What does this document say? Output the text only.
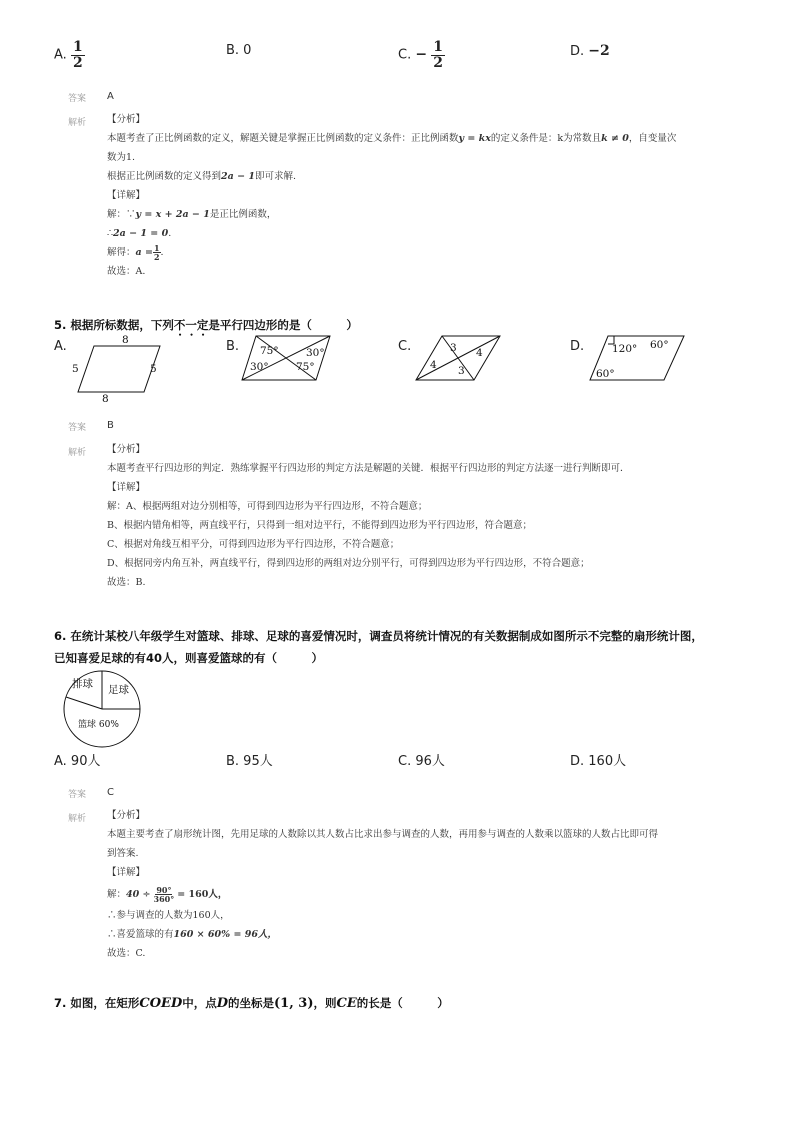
A. $\frac{1}{2}$	B. 0	C. − $\frac{1}{2}$	D. −2
答案 A
解析 【分析】
本题考查了正比例函数的定义，解题关键是掌握正比例函数的定义条件：正比例函数y = kx的定义条件是：k为常数且k ≠ 0，自变量次
数为1.
根据正比例函数的定义得到2a − 1即可求解.
【详解】
解：∵y = x + 2a − 1是正比例函数，
∴2a − 1 = 0.
解得：$a = \frac{1}{2}$ .
故选：A.
5. 根据所标数据，下列不一定是平行四边形的是（　　　）
A.	8
5	5
8
B. 75°	30°
30°	75°
C.	3 4
4 3
D.	120° 60°
60°
答案 B
解析 【分析】
本题考查平行四边形的判定．熟练掌握平行四边形的判定方法是解题的关键．根据平行四边形的判定方法逐一进行判断即可．
【详解】
解：A、根据两组对边分别相等，可得到四边形为平行四边形，不符合题意；
B、根据内错角相等，两直线平行，只得到一组对边平行，不能得到四边形为平行四边形，符合题意；
C、根据对角线互相平分，可得到四边形为平行四边形，不符合题意；
D、根据同旁内角互补，两直线平行，得到四边形的两组对边分别平行，可得到四边形为平行四边形，不符合题意；
故选：B.
6. 在统计某校八年级学生对篮球、排球、足球的喜爱情况时，调查员将统计情况的有关数据制成如图所示不完整的扇形统计图，
已知喜爱足球的有40人，则喜爱篮球的有（　　　）
排球 足球
篮球 60%
A. 90人	B. 95人	C. 96人	D. 160人
答案 C
解析 【分析】
本题主要考查了扇形统计图，先用足球的人数除以其人数占比求出参与调查的人数，再用参与调查的人数乘以篮球的人数占比即可得
到答案.
【详解】
解： 40 ÷
$\frac{90^\circ}{360^\circ}$
= 160人，
∴参与调查的人数为160人，
∴喜爱篮球的有160 × 60% = 96人，
故选：C.
7. 如图，在矩形COED中，点D的坐标是(1, 3)，则CE的长是（　　　）
